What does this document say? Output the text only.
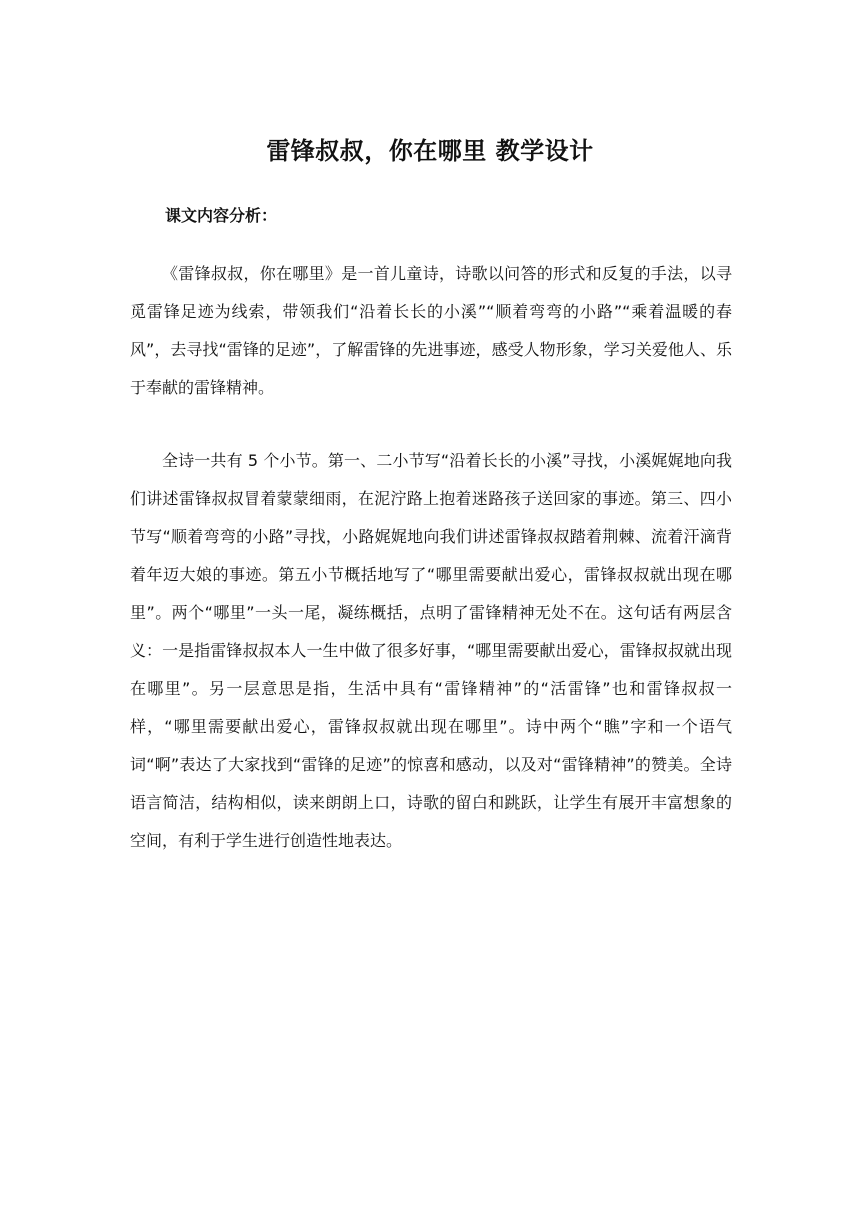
雷锋叔叔，你在哪里 教学设计
课文内容分析：

《雷锋叔叔，你在哪里》是一首儿童诗，诗歌以问答的形式和反复的手法，以寻觅雷锋足迹为线索，带领我们“沿着长长的小溪”“顺着弯弯的小路”“乘着温暖的春风”，去寻找“雷锋的足迹”，了解雷锋的先进事迹，感受人物形象，学习关爱他人、乐于奉献的雷锋精神。

全诗一共有 5 个小节。第一、二小节写“沿着长长的小溪”寻找，小溪娓娓地向我们讲述雷锋叔叔冒着蒙蒙细雨，在泥泞路上抱着迷路孩子送回家的事迹。第三、四小节写“顺着弯弯的小路”寻找，小路娓娓地向我们讲述雷锋叔叔踏着荆棘、流着汗滴背着年迈大娘的事迹。第五小节概括地写了“哪里需要献出爱心，雷锋叔叔就出现在哪里”。两个“哪里”一头一尾，凝练概括，点明了雷锋精神无处不在。这句话有两层含义：一是指雷锋叔叔本人一生中做了很多好事，“哪里需要献出爱心，雷锋叔叔就出现在哪里”。另一层意思是指，生活中具有“雷锋精神”的“活雷锋”也和雷锋叔叔一样，“哪里需要献出爱心，雷锋叔叔就出现在哪里”。诗中两个“瞧”字和一个语气词“啊”表达了大家找到“雷锋的足迹”的惊喜和感动，以及对“雷锋精神”的赞美。全诗语言简洁，结构相似，读来朗朗上口，诗歌的留白和跳跃，让学生有展开丰富想象的空间，有利于学生进行创造性地表达。
